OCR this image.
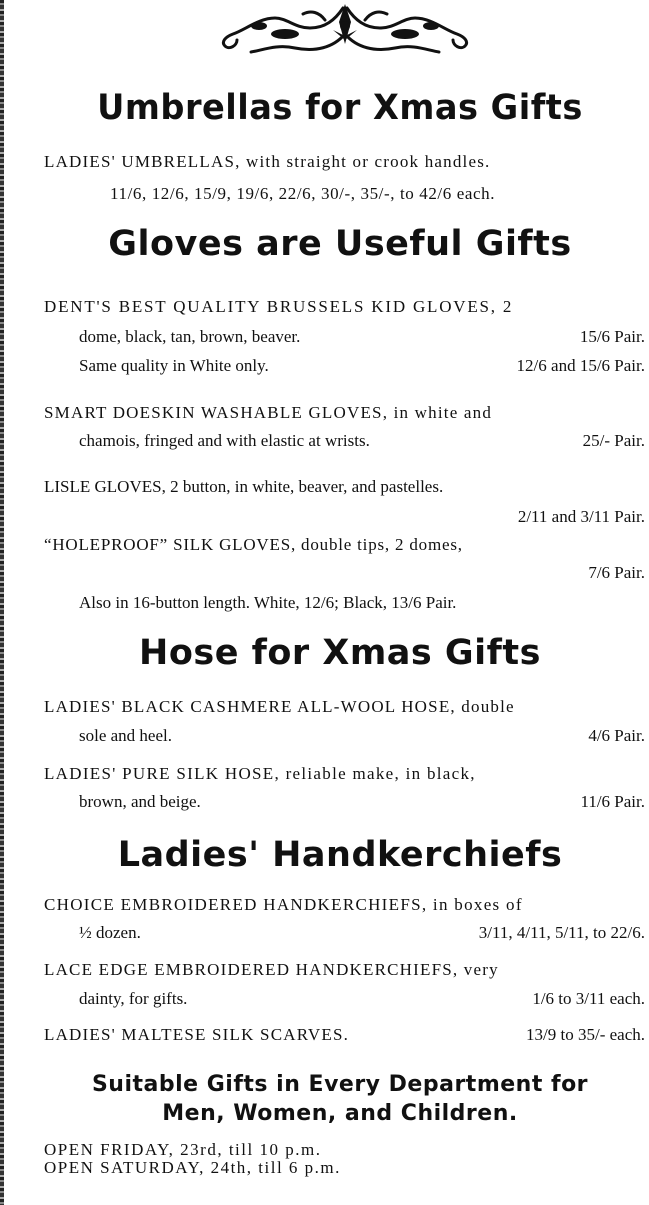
Umbrellas for Xmas Gifts
LADIES' UMBRELLAS, with straight or crook handles.
11/6, 12/6, 15/9, 19/6, 22/6, 30/-, 35/-, to 42/6 each.
Gloves are Useful Gifts
DENT'S BEST QUALITY BRUSSELS KID GLOVES, 2
dome, black, tan, brown, beaver.	15/6 Pair.
Same quality in White only.	12/6 and 15/6 Pair.
SMART DOESKIN WASHABLE GLOVES, in white and
chamois, fringed and with elastic at wrists.	25/- Pair.
LISLE GLOVES, 2 button, in white, beaver, and pastelles.
2/11 and 3/11 Pair.
“HOLEPROOF” SILK GLOVES, double tips, 2 domes,
7/6 Pair.
Also in 16-button length. White, 12/6; Black, 13/6 Pair.
Hose for Xmas Gifts
LADIES' BLACK CASHMERE ALL-WOOL HOSE, double
sole and heel.	4/6 Pair.
LADIES' PURE SILK HOSE, reliable make, in black,
brown, and beige.	11/6 Pair.
Ladies' Handkerchiefs
CHOICE EMBROIDERED HANDKERCHIEFS, in boxes of
½ dozen.	3/11, 4/11, 5/11, to 22/6.
LACE EDGE EMBROIDERED HANDKERCHIEFS, very
dainty, for gifts.	1/6 to 3/11 each.
LADIES' MALTESE SILK SCARVES.	13/9 to 35/- each.
Suitable Gifts in Every Department for
Men, Women, and Children.
OPEN FRIDAY, 23rd, till 10 p.m.
OPEN SATURDAY, 24th, till 6 p.m.
